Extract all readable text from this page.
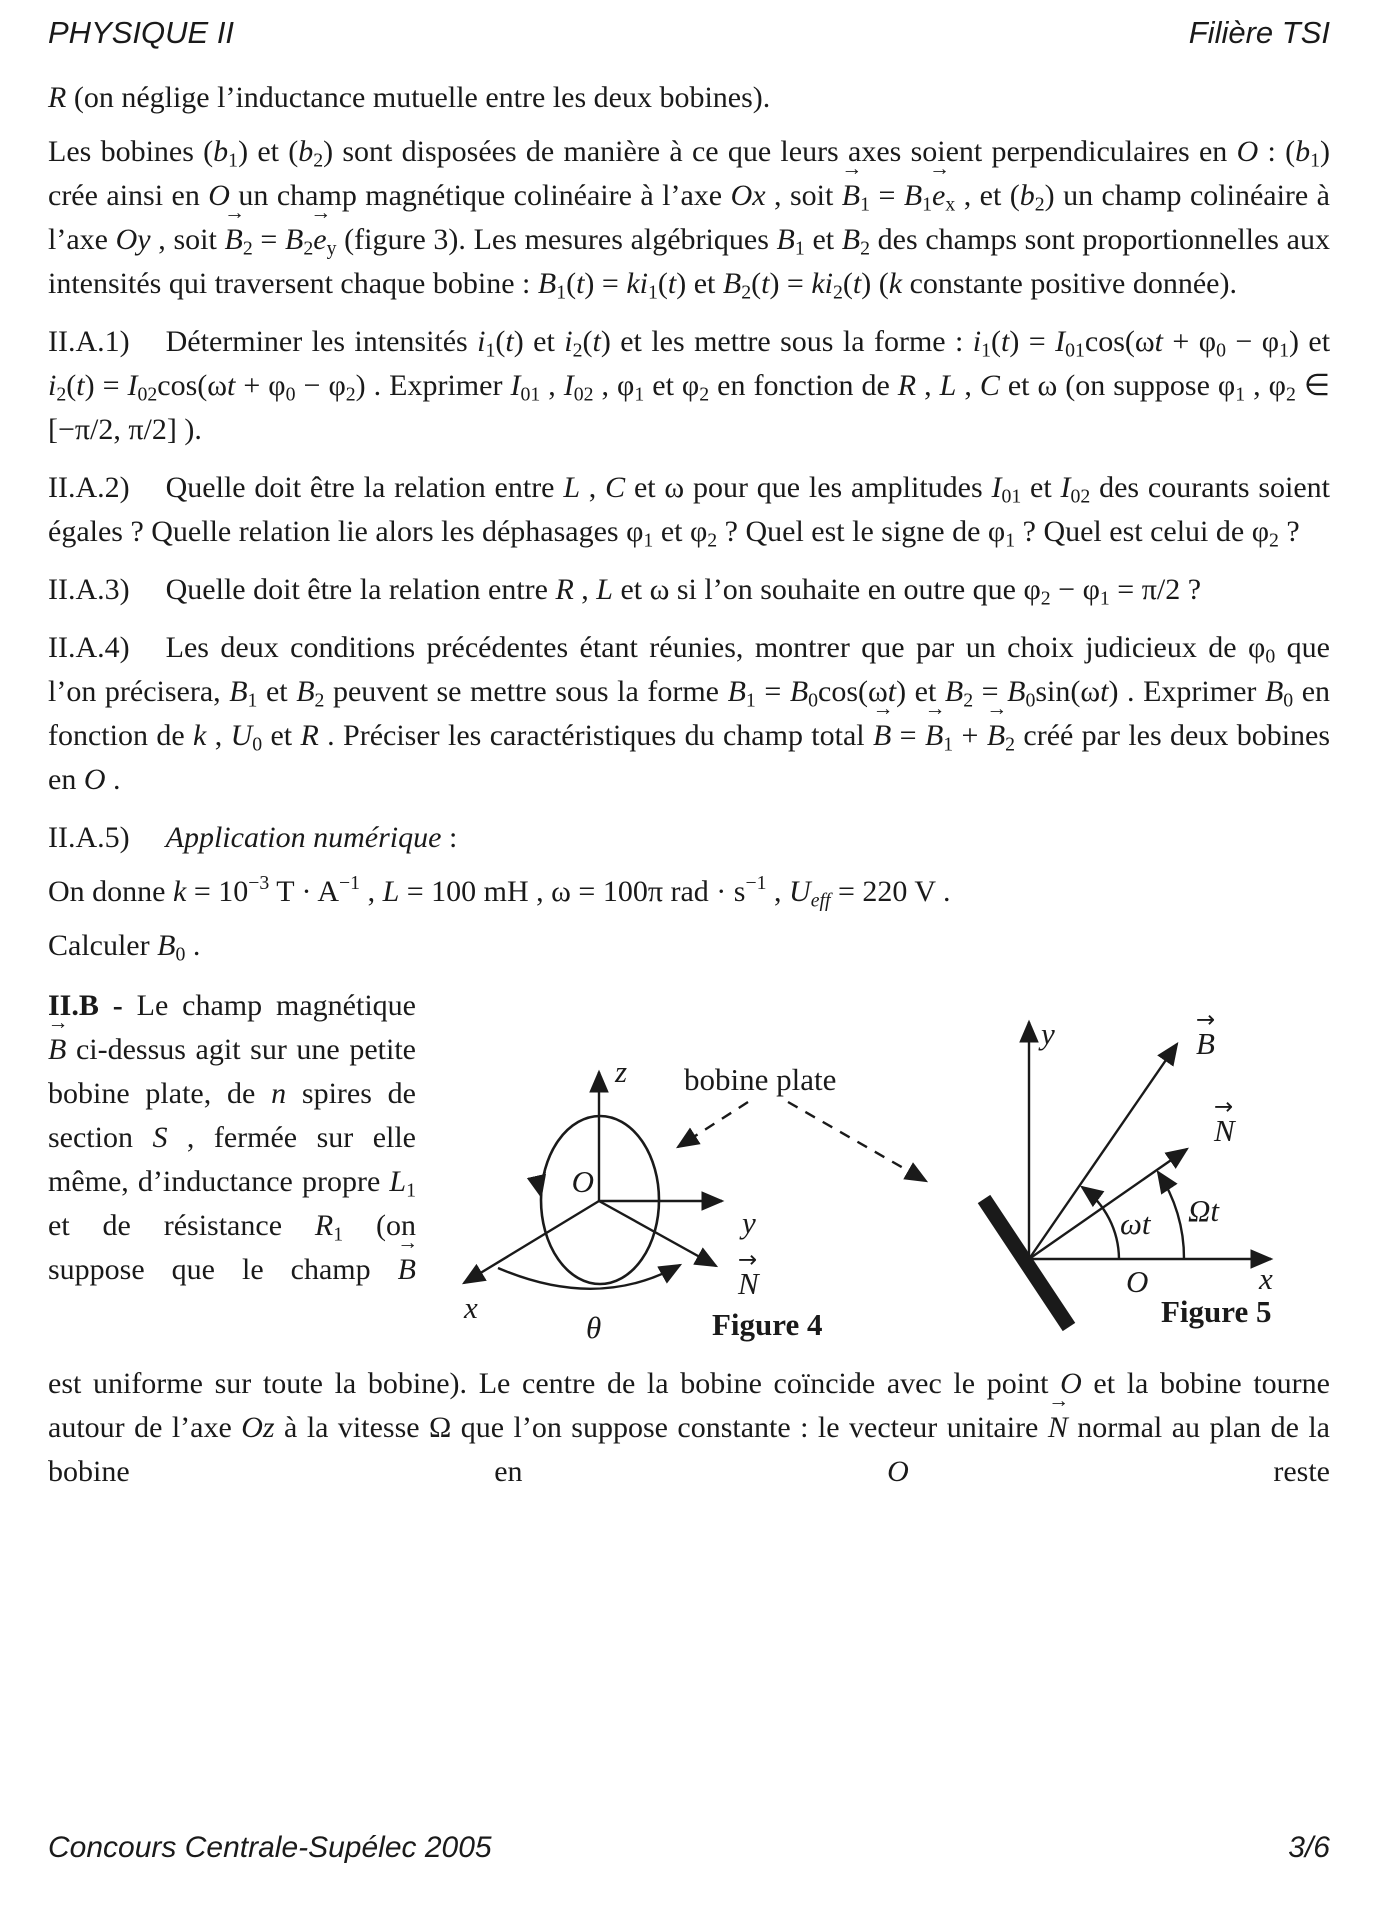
PHYSIQUE II	Filière TSI

R (on néglige l’inductance mutuelle entre les deux bobines).

Les bobines $(b_1)$ et $(b_2)$ sont disposées de manière à ce que leurs axes soient perpendiculaires en O : $(b_1)$ crée ainsi en O un champ magnétique colinéaire à l’axe Ox , soit $B \to_1 = B_1e \to_x$ , et $(b_2)$ un champ colinéaire à l’axe Oy , soit $B \to_2 = B_2e \to_y$ (figure 3). Les mesures algébriques $B_1$ et $B_2$ des champs sont proportionnelles aux intensités qui traversent chaque bobine : $B_1(t) = ki_1(t)$ et $B_2(t) = ki_2(t)$ (k constante positive donnée).

II.A.1) Déterminer les intensités $i_1(t)$ et $i_2(t)$ et les mettre sous la forme : $i_1(t) = I_{01}\cos(\omega t + \varphi_0 - \varphi_1)$ et $i_2(t) = I_{02}\cos(\omega t + \varphi_0 - \varphi_2)$ . Exprimer $I_{01}$ , $I_{02}$ , $\varphi_1$ et $\varphi_2$ en fonction de R , L , C et ω (on suppose $\varphi_1$ , $\varphi_2$ ∈ [−π/2, π/2] ).

II.A.2) Quelle doit être la relation entre L , C et ω pour que les amplitudes $I_{01}$ et $I_{02}$ des courants soient égales ? Quelle relation lie alors les déphasages $\varphi_1$ et $\varphi_2$ ? Quel est le signe de $\varphi_1$ ? Quel est celui de $\varphi_2$ ?

II.A.3) Quelle doit être la relation entre R , L et ω si l’on souhaite en outre que $\varphi_2 - \varphi_1 = \pi/2$ ?

II.A.4) Les deux conditions précédentes étant réunies, montrer que par un choix judicieux de $\varphi_0$ que l’on précisera, $B_1$ et $B_2$ peuvent se mettre sous la forme $B_1 = B_0\cos(\omega t)$ et $B_2 = B_0\sin(\omega t)$ . Exprimer $B_0$ en fonction de k , $U_0$ et R . Préciser les caractéristiques du champ total B → = $B \to_1 + B \to_2$ créé par les deux bobines en O .

II.A.5) Application numérique :

On donne $k = 10^{-3}$ $T \cdot A^{-1}$ , L = 100 mH , ω = 100π rad · $s^{-1}$ , $U_{eff} = 220$ V .

Calculer $B_0$ .

II.B - Le champ magnétique B → ci-dessus agit sur une petite bobine plate, de n spires de section S , fermée sur elle même, d’inductance propre $L_1$ et de résistance $R_1$ (on suppose que le champ B →

bobine plate
z
y
x
O
N
→
θ	Figure 4
y
x
O
B
→
N
→
ωt Ωt
Figure 5

est uniforme sur toute la bobine). Le centre de la bobine coïncide avec le point O et la bobine tourne autour de l’axe Oz à la vitesse Ω que l’on suppose constante : le vecteur unitaire N → normal au plan de la bobine en O reste

Concours Centrale-Supélec 2005	3/6
